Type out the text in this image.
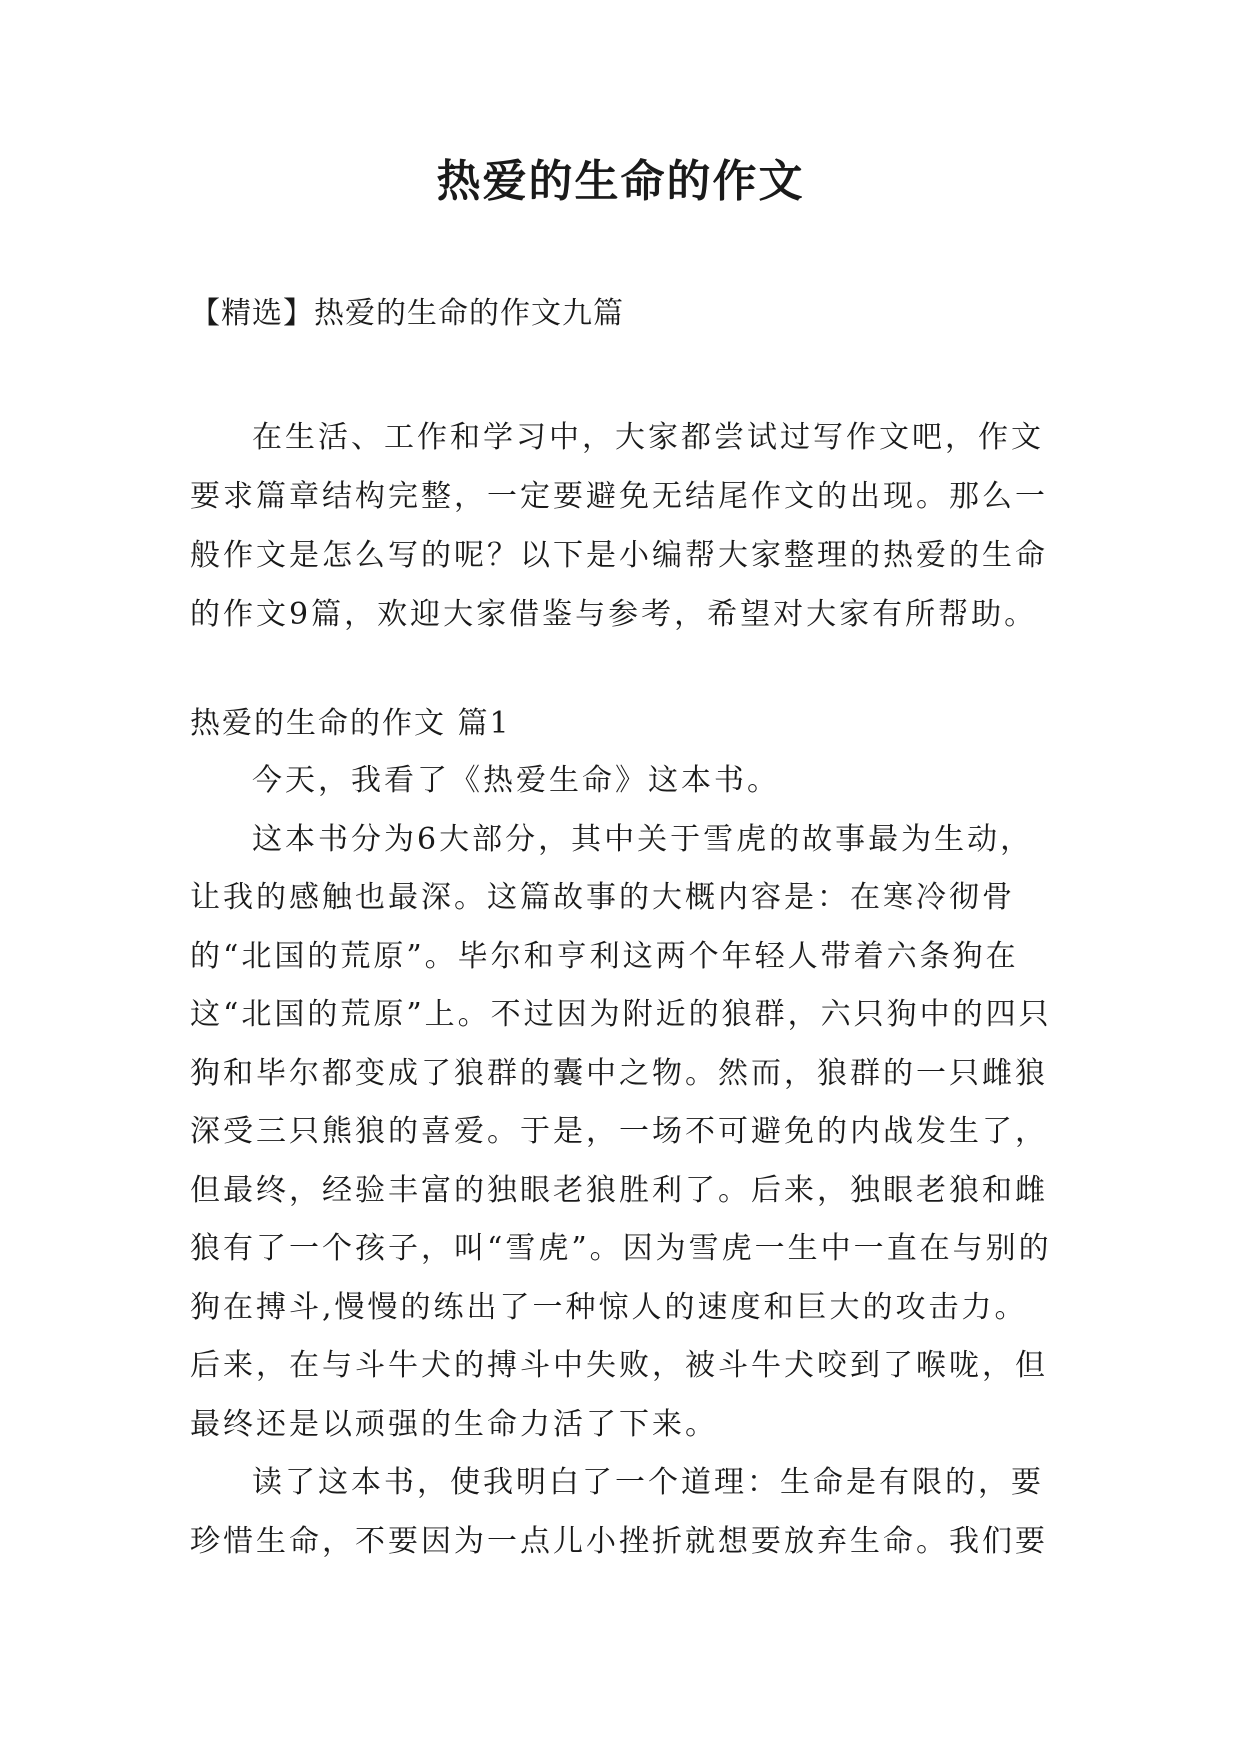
热爱的生命的作文

【精选】热爱的生命的作文九篇

在生活、工作和学习中，大家都尝试过写作文吧，作文要求篇章结构完整，一定要避免无结尾作文的出现。那么一般作文是怎么写的呢？以下是小编帮大家整理的热爱的生命的作文9篇，欢迎大家借鉴与参考，希望对大家有所帮助。

热爱的生命的作文 篇1

今天，我看了《热爱生命》这本书。

这本书分为6大部分，其中关于雪虎的故事最为生动，让我的感触也最深。这篇故事的大概内容是：在寒冷彻骨的“北国的荒原”。毕尔和亨利这两个年轻人带着六条狗在这“北国的荒原”上。不过因为附近的狼群，六只狗中的四只狗和毕尔都变成了狼群的囊中之物。然而，狼群的一只雌狼深受三只熊狼的喜爱。于是，一场不可避免的内战发生了，但最终，经验丰富的独眼老狼胜利了。后来，独眼老狼和雌狼有了一个孩子，叫“雪虎”。因为雪虎一生中一直在与别的狗在搏斗,慢慢的练出了一种惊人的速度和巨大的攻击力。后来，在与斗牛犬的搏斗中失败，被斗牛犬咬到了喉咙，但最终还是以顽强的生命力活了下来。

读了这本书，使我明白了一个道理：生命是有限的，要珍惜生命，不要因为一点儿小挫折就想要放弃生命。我们要
